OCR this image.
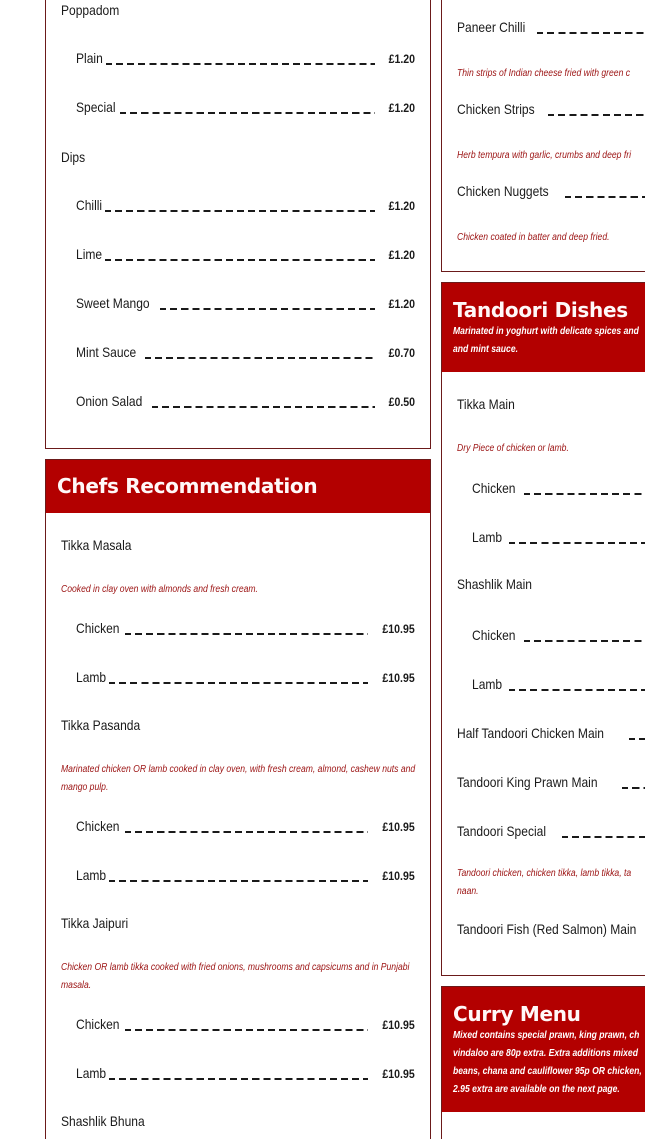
Poppadom
Plain	£1.20
Special	£1.20
Dips
Chilli	£1.20
Lime	£1.20
Sweet Mango	£1.20
Mint Sauce	£0.70
Onion Salad	£0.50
Chefs Recommendation
Tikka Masala
Cooked in clay oven with almonds and fresh cream.
Chicken	£10.95
Lamb	£10.95
Tikka Pasanda
Marinated chicken OR lamb cooked in clay oven, with fresh cream, almond, cashew nuts and mango pulp.
Chicken	£10.95
Lamb	£10.95
Tikka Jaipuri
Chicken OR lamb tikka cooked with fried onions, mushrooms and capsicums and in Punjabi masala.
Chicken	£10.95
Lamb	£10.95
Shashlik Bhuna
Paneer Chilli
Thin strips of Indian cheese fried with green c
Chicken Strips
Herb tempura with garlic, crumbs and deep fri
Chicken Nuggets
Chicken coated in batter and deep fried.
Tandoori Dishes
Marinated in yoghurt with delicate spices and
and mint sauce.
Tikka Main
Dry Piece of chicken or lamb.
Chicken
Lamb
Shashlik Main
Chicken
Lamb
Half Tandoori Chicken Main
Tandoori King Prawn Main
Tandoori Special
Tandoori chicken, chicken tikka, lamb tikka, ta
naan.
Tandoori Fish (Red Salmon) Main
Curry Menu
Mixed contains special prawn, king prawn, ch
vindaloo are 80p extra. Extra additions mixed
beans, chana and cauliflower 95p OR chicken,
2.95 extra are available on the next page.
